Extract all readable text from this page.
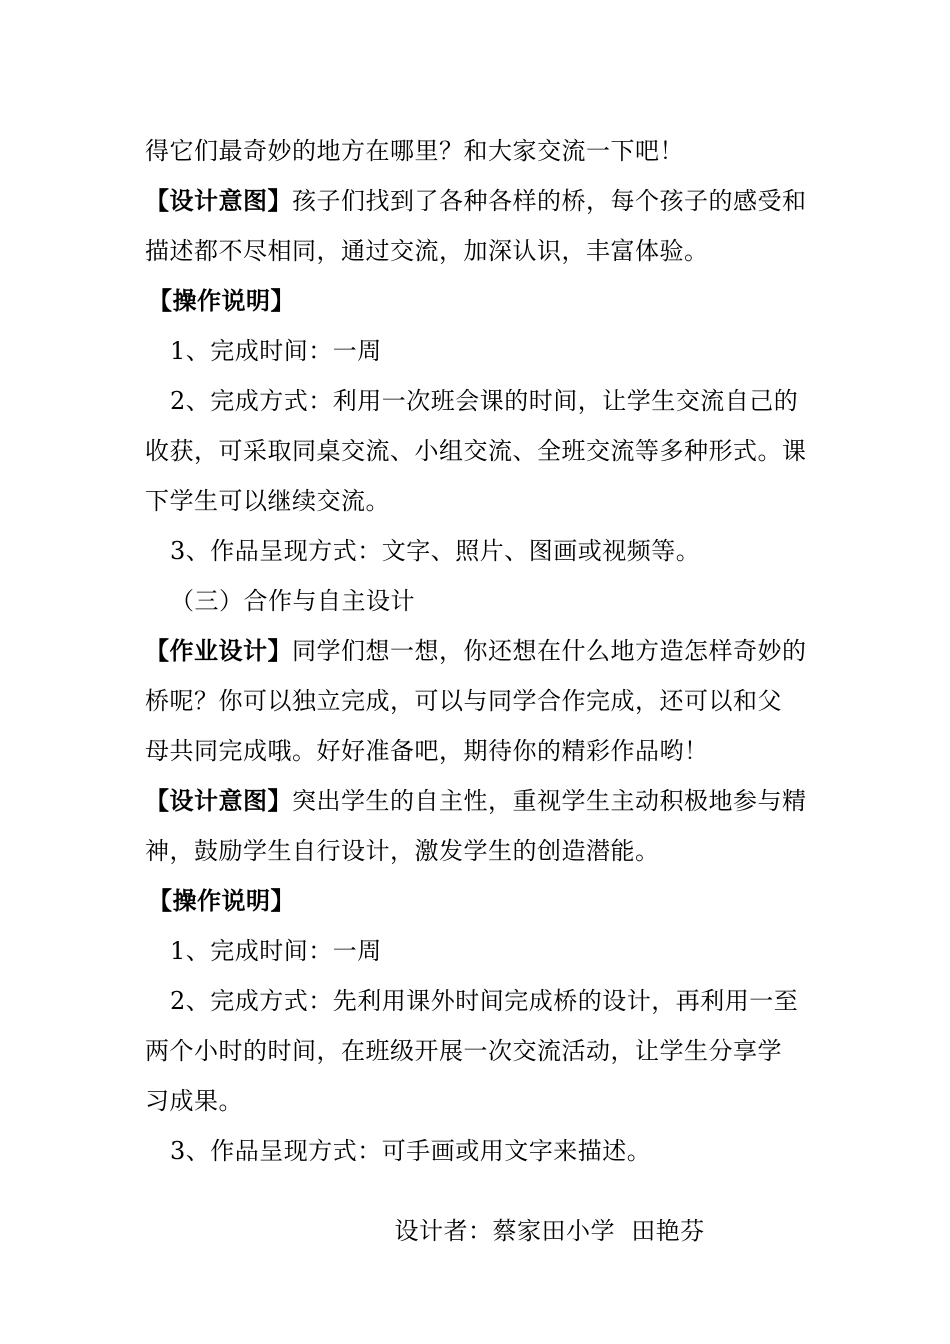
得它们最奇妙的地方在哪里？和大家交流一下吧！
【设计意图】孩子们找到了各种各样的桥，每个孩子的感受和
描述都不尽相同，通过交流，加深认识，丰富体验。
【操作说明】
1、完成时间：一周
2、完成方式：利用一次班会课的时间，让学生交流自己的
收获，可采取同桌交流、小组交流、全班交流等多种形式。课
下学生可以继续交流。
3、作品呈现方式：文字、照片、图画或视频等。
（三）合作与自主设计
【作业设计】同学们想一想，你还想在什么地方造怎样奇妙的
桥呢？你可以独立完成，可以与同学合作完成，还可以和父
母共同完成哦。好好准备吧，期待你的精彩作品哟！
【设计意图】突出学生的自主性，重视学生主动积极地参与精
神，鼓励学生自行设计，激发学生的创造潜能。
【操作说明】
1、完成时间：一周
2、完成方式：先利用课外时间完成桥的设计，再利用一至
两个小时的时间，在班级开展一次交流活动，让学生分享学
习成果。
3、作品呈现方式：可手画或用文字来描述。

设计者：蔡家田小学  田艳芬
